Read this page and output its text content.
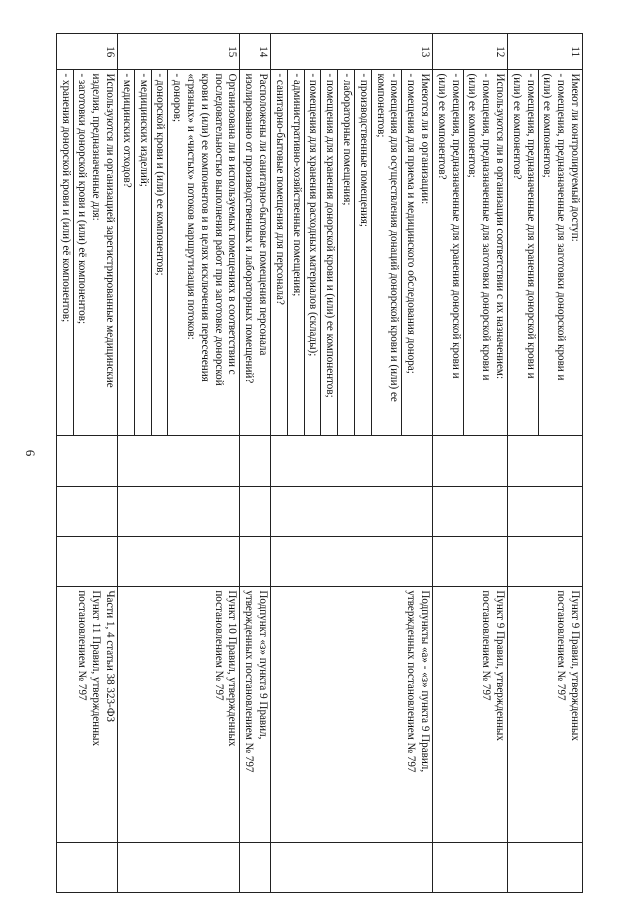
6
11	Имеют ли контролируемый доступ:
- помещения, предназначенные для заготовки донорской крови и
(или) ее компонентов;				Пункт 9 Правил, утвержденных
постановлением № 797	

	- помещения, предназначенные для хранения донорской крови и
(или) ее компонентов?					

12	Используются ли в организации соответствии с их назначением:
- помещения, предназначенные для заготовки донорской крови и
(или) ее компонентов;				Пункт 9 Правил, утвержденных
постановлением № 797	

	- помещения, предназначенные для хранения донорской крови и
(или) ее компонентов?					

13	Имеются ли в организации:
- помещения для приема и медицинского обследования донора;				Подпункты «а» - «з» пункта 9 Правил,
утвержденных постановлением № 797	

	- помещения для осуществления донаций донорской крови и (или) ее
компонентов;					

	- производственные помещения;					

	- лабораторные помещения;					

	- помещения для хранения донорской крови и (или) ее компонентов;					

	- помещения для хранения расходных материалов (склады);					

	- административно-хозяйственные помещения;					

	- санитарно-бытовые помещения для персонала?					

14	Расположены ли санитарно-бытовые помещения персонала
изолированно от производственных и лабораторных помещений?				Подпункт «з» пункта 9 Правил,
утвержденных постановлением № 797	

15	Организована ли в используемых помещениях в соответствии с
последовательностью выполнения работ при заготовке донорской
крови и (или) ее компонентов и в целях исключения пересечения
«грязных» и «чистых» потоков маршрутизация потоков:
- доноров;				Пункт 10 Правил, утвержденных
постановлением № 797	

	- донорской крови и (или) ее компонентов;					

	- медицинских изделий;					

	- медицинских отходов?					

16	Используются ли организацией зарегистрированные медицинские
изделия, предназначенные для:
- заготовки донорской крови и (или) её компонентов;				Части 1, 4 статьи 38 323-ФЗ
Пункт 11 Правил, утвержденных
постановлением № 797	

	- хранения донорской крови и (или) её компонентов;					
